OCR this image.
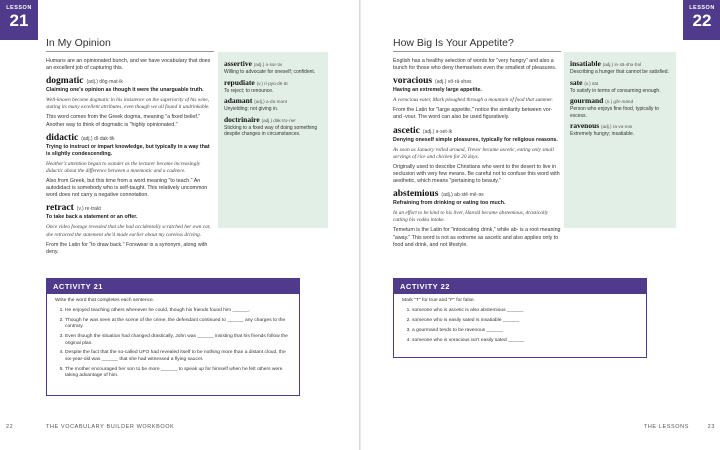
LESSON
21
In My Opinion

Humans are an opinionated bunch, and we have vocabulary that does an excellent job of capturing this.

dogmatic (adj.) dôg·mat·ik

Claiming one's opinion as though it were the unarguable truth.

Well-known become dogmatic in his insistence on the superiority of his wine, stating its many excellent attributes, even though we all found it undrinkable.

This word comes from the Greek dogma, meaning "a fixed belief." Another way to think of dogmatic is "highly opinionated."

didactic (adj.) dī·dak·tik

Trying to instruct or impart knowledge, but typically in a way that is slightly condescending.

Heather's attention began to wander as the lecturer became increasingly didactic about the difference between a mnemonic and a cadence.

Also from Greek, but this time from a word meaning "to teach." An autodidact is somebody who is self-taught. This relatively uncommon word does not carry a negative connotation.

retract (v.) re·trakt

To take back a statement or an offer.

Once video footage revealed that she had accidentally scratched her own car, she retracted the statement she'd made earlier about my careless driving.

From the Latin for "to draw back." Forswear is a synonym, along with deny.

assertive (adj.) ə·sər·tiv
Willing to advocate for oneself; confident.
repudiate (v.) ri·pyü·dē·āt
To reject; to renounce.
adamant (adj.) a·də·mənt
Unyielding; not giving in.
doctrinaire (adj.) däk·trə·ner
Sticking to a fixed way of doing something despite changes in circumstances.
ACTIVITY 21

Write the word that completes each sentence.

1. He enjoyed teaching others whenever he could, though his friends found him ______.
2. Though he was seen at the scene of the crime, the defendant continued to ______ any charges to the contrary.
3. Even though the situation had changed drastically, John was ______ insisting that his friends follow the original plan.
4. Despite the fact that the so-called UFO had revealed itself to be nothing more than a distant cloud, the six-year-old was ______ that she had witnessed a flying saucer.
5. The mother encouraged her son to be more ______ to speak up for himself when he felt others were taking advantage of him.
22	THE VOCABULARY BUILDER WORKBOOK
LESSON
22
How Big Is Your Appetite?

English has a healthy selection of words for "very hungry" and also a bunch for those who deny themselves even the smallest of pleasures.

voracious (adj.) vô·rā·shəs

Having an extremely large appetite.

A voracious eater, Mark ploughed through a mountain of food that summer.

From the Latin for "large appetite," notice the similarity between vor- and -vour. The word can also be used figuratively.

ascetic (adj.) ə·set·ik

Denying oneself simple pleasures, typically for religious reasons.

As soon as January rolled around, Trevor became ascetic, eating only small servings of rice and chicken for 20 days.

Originally used to describe Christians who went to the desert to live in seclusion with very few means. Be careful not to confuse this word with aesthetic, which means "pertaining to beauty."

abstemious (adj.) ab·stē·mē·əs

Refraining from drinking or eating too much.

In an effort to be kind to his liver, Harold became abstemious, drastically cutting his vodka intake.

Temetum is the Latin for "intoxicating drink," while ab- is a root meaning "away." This word is not as extreme as ascetic and also applies only to food and drink, and not lifestyle.

insatiable (adj.) in·sā·shə·bəl
Describing a hunger that cannot be satisfied.
sate (v.) sāt
To satisfy in terms of consuming enough.
gourmand (n.) gôr·mänd
Person who enjoys fine food, typically to excess.
ravenous (adj.) ra·və·nəs
Extremely hungry; insatiable.
ACTIVITY 22

Mark "T" for true and "F" for false.

1. someone who is ascetic is also abstemious ______
2. someone who is easily sated is insatiable ______
3. a gourmand tends to be ravenous ______
4. someone who is voracious isn't easily sated ______
THE LESSONS	23
